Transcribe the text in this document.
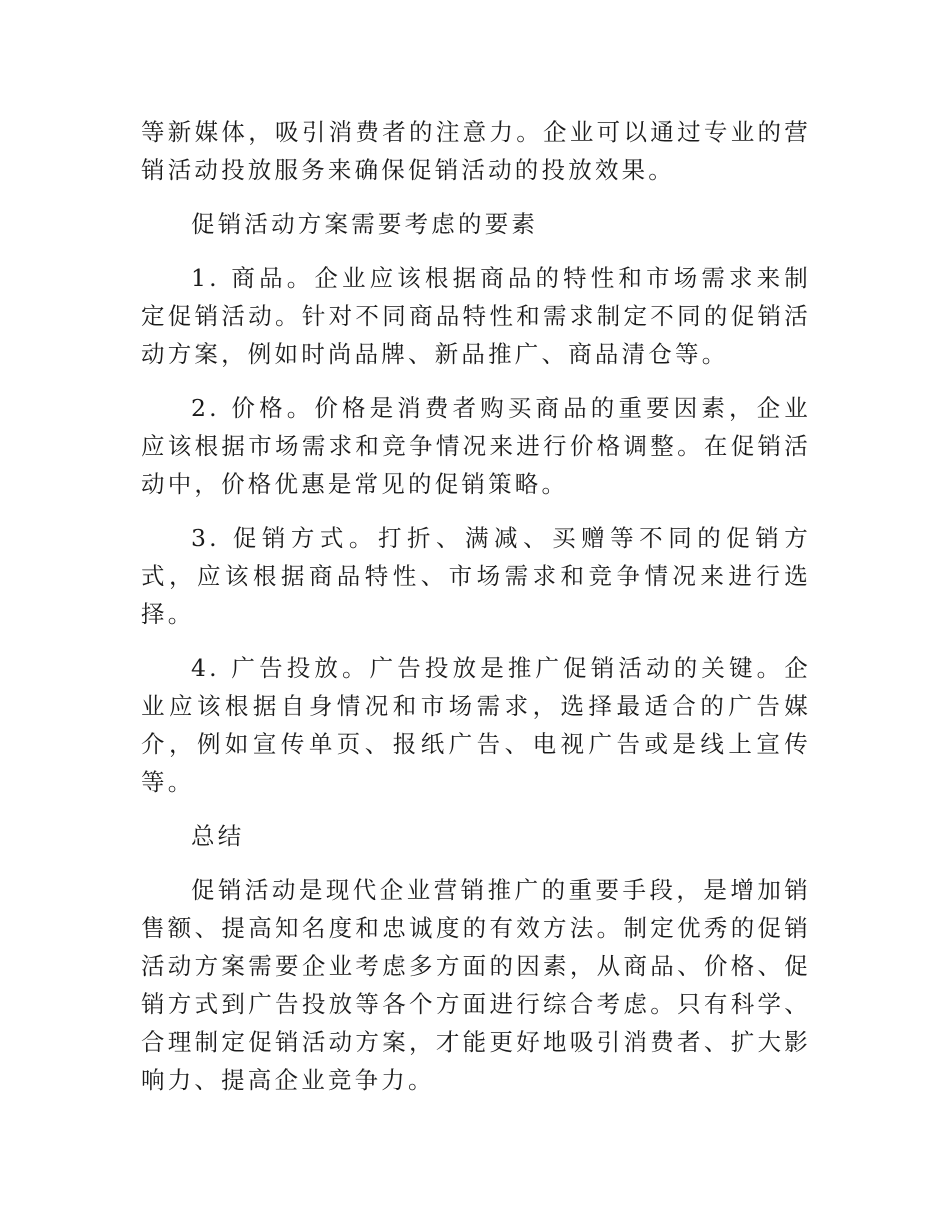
等新媒体，吸引消费者的注意力。企业可以通过专业的营销活动投放服务来确保促销活动的投放效果。

促销活动方案需要考虑的要素

1. 商品。企业应该根据商品的特性和市场需求来制定促销活动。针对不同商品特性和需求制定不同的促销活动方案，例如时尚品牌、新品推广、商品清仓等。

2. 价格。价格是消费者购买商品的重要因素，企业应该根据市场需求和竞争情况来进行价格调整。在促销活动中，价格优惠是常见的促销策略。

3. 促销方式。打折、满减、买赠等不同的促销方式，应该根据商品特性、市场需求和竞争情况来进行选择。

4. 广告投放。广告投放是推广促销活动的关键。企业应该根据自身情况和市场需求，选择最适合的广告媒介，例如宣传单页、报纸广告、电视广告或是线上宣传等。

总结

促销活动是现代企业营销推广的重要手段，是增加销售额、提高知名度和忠诚度的有效方法。制定优秀的促销活动方案需要企业考虑多方面的因素，从商品、价格、促销方式到广告投放等各个方面进行综合考虑。只有科学、合理制定促销活动方案，才能更好地吸引消费者、扩大影响力、提高企业竞争力。
